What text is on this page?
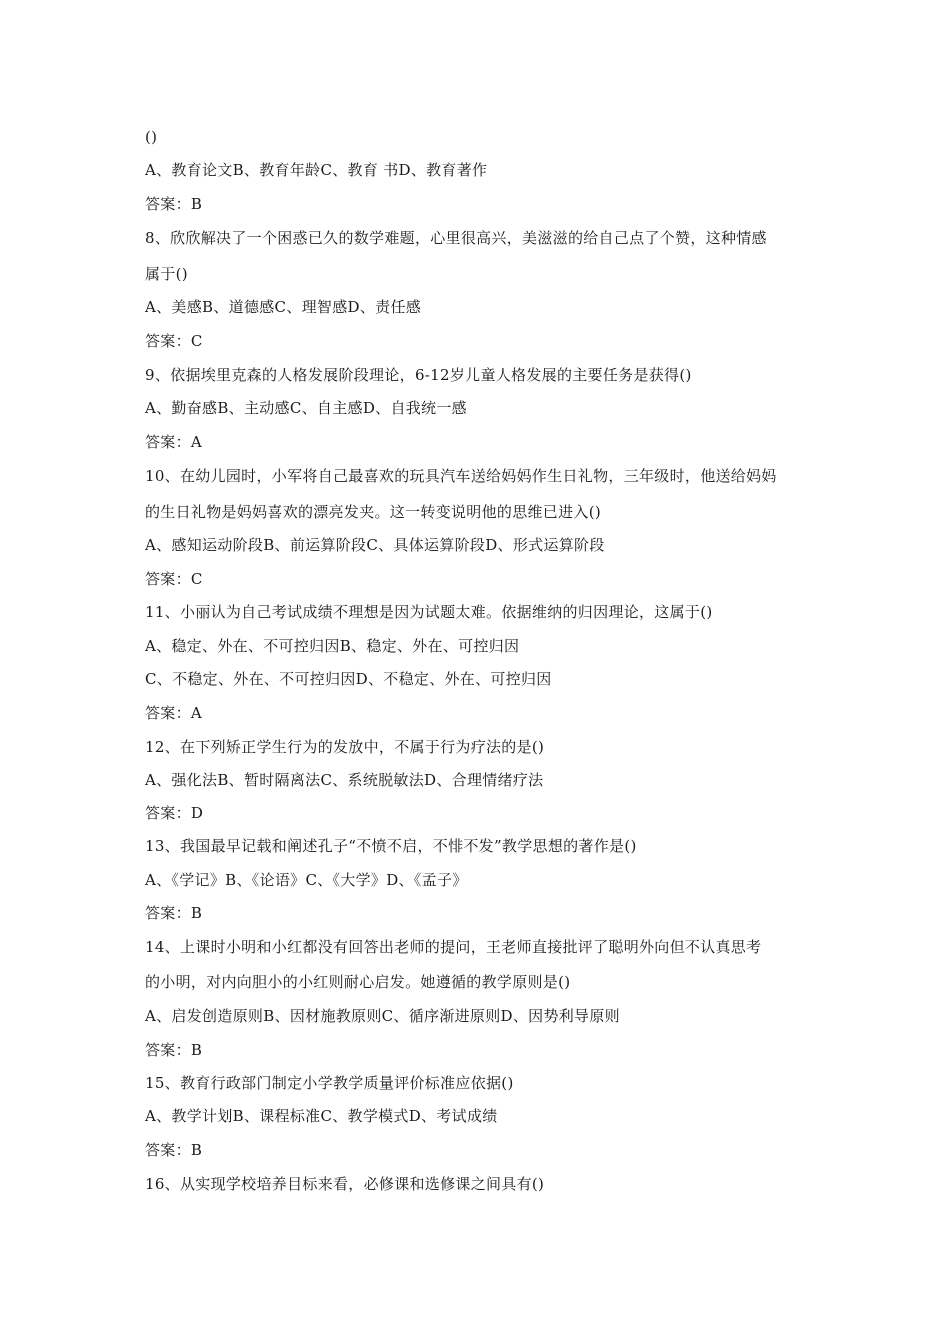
()
A、教育论文B、教育年龄C、教育 书D、教育著作
答案：B
8、欣欣解决了一个困惑已久的数学难题，心里很高兴，美滋滋的给自己点了个赞，这种情感
属于()
A、美感B、道德感C、理智感D、责任感
答案：C
9、依据埃里克森的人格发展阶段理论，6-12岁儿童人格发展的主要任务是获得()
A、勤奋感B、主动感C、自主感D、自我统一感
答案：A
10、在幼儿园时，小军将自己最喜欢的玩具汽车送给妈妈作生日礼物，三年级时，他送给妈妈
的生日礼物是妈妈喜欢的漂亮发夹。这一转变说明他的思维已进入()
A、感知运动阶段B、前运算阶段C、具体运算阶段D、形式运算阶段
答案：C
11、小丽认为自己考试成绩不理想是因为试题太难。依据维纳的归因理论，这属于()
A、稳定、外在、不可控归因B、稳定、外在、可控归因
C、不稳定、外在、不可控归因D、不稳定、外在、可控归因
答案：A
12、在下列矫正学生行为的发放中，不属于行为疗法的是()
A、强化法B、暂时隔离法C、系统脱敏法D、合理情绪疗法
答案：D
13、我国最早记载和阐述孔子“不愤不启，不悱不发”教学思想的著作是()
A、《学记》B、《论语》C、《大学》D、《孟子》
答案：B
14、上课时小明和小红都没有回答出老师的提问，王老师直接批评了聪明外向但不认真思考
的小明，对内向胆小的小红则耐心启发。她遵循的教学原则是()
A、启发创造原则B、因材施教原则C、循序渐进原则D、因势利导原则
答案：B
15、教育行政部门制定小学教学质量评价标准应依据()
A、教学计划B、课程标准C、教学模式D、考试成绩
答案：B
16、从实现学校培养目标来看，必修课和选修课之间具有()
